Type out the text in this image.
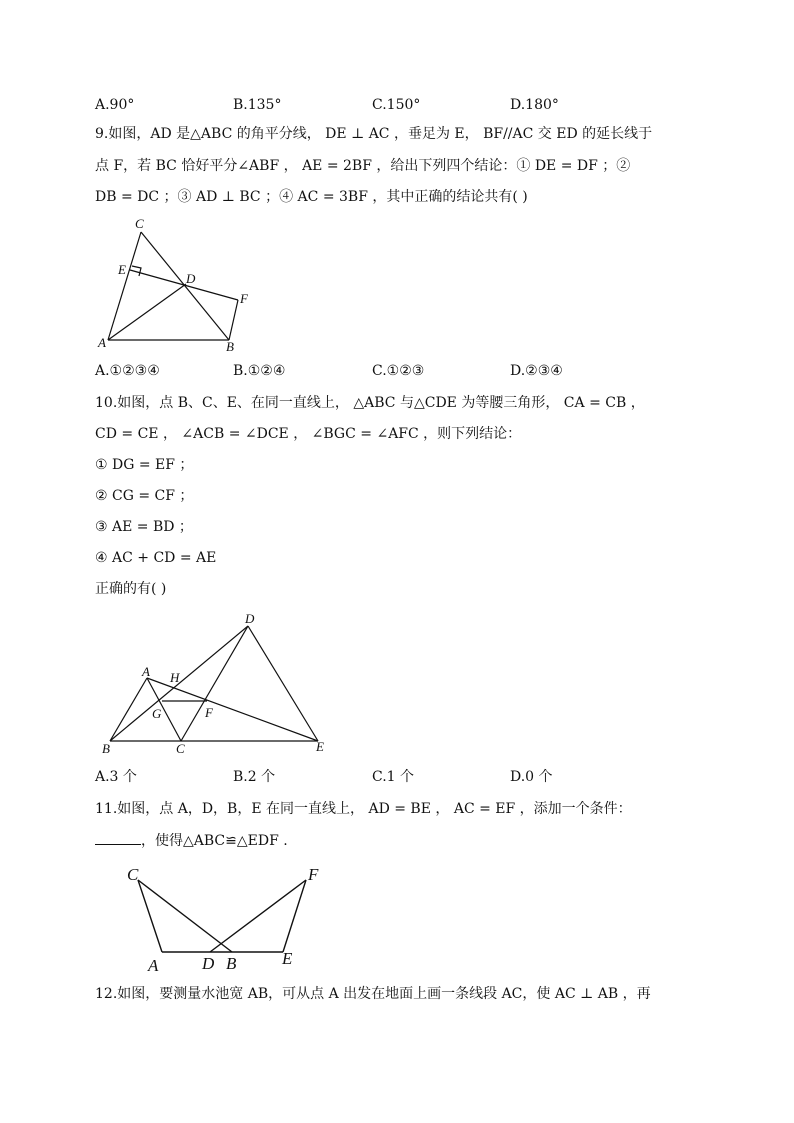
A.90°	B.135°	C.150°	D.180°
9.如图，AD 是△ABC 的角平分线， DE ⊥ AC ，垂足为 E， BF//AC 交 ED 的延长线于
点 F，若 BC 恰好平分∠ABF ， AE = 2BF ，给出下列四个结论：① DE = DF ；②
DB = DC ；③ AD ⊥ BC ；④ AC = 3BF ，其中正确的结论共有( )
C
E
D
F
A	B
A.①②③④	B.①②④	C.①②③	D.②③④
10.如图，点 B、C、E、在同一直线上， △ABC 与△CDE 为等腰三角形， CA = CB ，
CD = CE ， ∠ACB = ∠DCE ， ∠BGC = ∠AFC ，则下列结论：
① DG = EF ；
② CG = CF ；
③ AE = BD ；
④ AC + CD = AE
正确的有( )
A H
G	F
D
B	C	E
A.3 个	B.2 个	C.1 个	D.0 个
11.如图，点 A，D，B，E 在同一直线上， AD = BE ， AC = EF ，添加一个条件：
，使得△ABC≌△EDF .
C	F
A	D B	E
12.如图，要测量水池宽 AB，可从点 A 出发在地面上画一条线段 AC，使 AC ⊥ AB ，再
